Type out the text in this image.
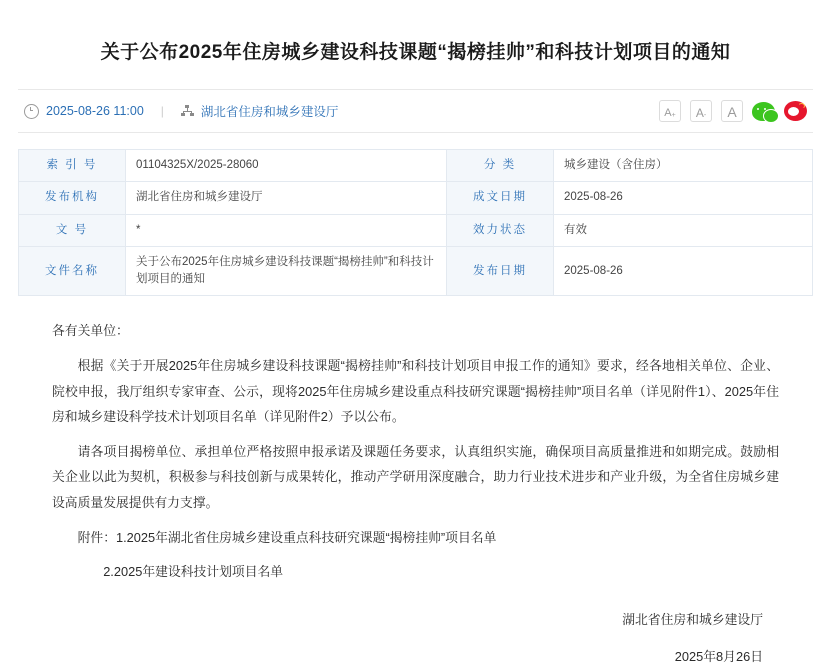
关于公布2025年住房城乡建设科技课题“揭榜挂帅”和科技计划项目的通知
2025-08-26 11:00 |	湖北省住房和城乡建设厅	A + A - A
索 引 号	01104325X/2025-28060	分 类	城乡建设（含住房）
发布机构	湖北省住房和城乡建设厅	成文日期	2025-08-26
文 号	*	效力状态	有效
文件名称	关于公布2025年住房城乡建设科技课题“揭榜挂帅”和科技计划项目的通知	发布日期	2025-08-26

各有关单位：

根据《关于开展2025年住房城乡建设科技课题“揭榜挂帅”和科技计划项目申报工作的通知》要求，经各地相关单位、企业、院校申报，我厅组织专家审查、公示，现将2025年住房城乡建设重点科技研究课题“揭榜挂帅”项目名单（详见附件1）、2025年住房和城乡建设科学技术计划项目名单（详见附件2）予以公布。

请各项目揭榜单位、承担单位严格按照申报承诺及课题任务要求，认真组织实施，确保项目高质量推进和如期完成。鼓励相关企业以此为契机，积极参与科技创新与成果转化，推动产学研用深度融合，助力行业技术进步和产业升级，为全省住房城乡建设高质量发展提供有力支撑。

附件：1.2025年湖北省住房城乡建设重点科技研究课题“揭榜挂帅”项目名单

2.2025年建设科技计划项目名单

湖北省住房和城乡建设厅
2025年8月26日
